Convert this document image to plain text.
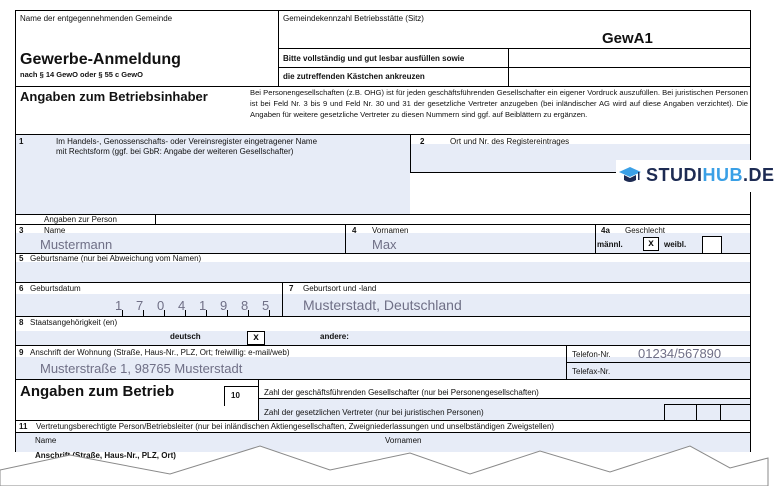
Name der entgegennehmenden Gemeinde	Gemeindekennzahl Betriebsstätte (Sitz)
GewA1
Gewerbe-Anmeldung
nach § 14 GewO oder § 55 c GewO
Bitte vollständig und gut lesbar ausfüllen sowie
die zutreffenden Kästchen ankreuzen
Angaben zum Betriebsinhaber	Bei Personengesellschaften (z.B. OHG) ist für jeden geschäftsführenden Gesellschafter ein eigener Vordruck auszufüllen. Bei juristischen Personen ist bei Feld Nr. 3 bis 9 und Feld Nr. 30 und 31 der gesetzliche Vertreter anzugeben (bei inländischer AG wird auf diese Angaben verzichtet). Die Angaben für weitere gesetzliche Vertreter zu diesen Nummern sind ggf. auf Beiblättern zu ergänzen.
1	Im Handels-, Genossenschafts- oder Vereinsregister eingetragener Name
mit Rechtsform (ggf. bei GbR: Angabe der weiteren Gesellschafter)
2	Ort und Nr. des Registereintrages
STUDIHUB.DE
Angaben zur Person
3	Name
Mustermann
4 Vornamen
Max
4a Geschlecht
männl.	x	weibl.
5 Geburtsname (nur bei Abweichung vom Namen)
6 Geburtsdatum
1 7 0 4 1 9 8 5
7 Geburtsort und -land
Musterstadt, Deutschland
8 Staatsangehörigkeit (en)
deutsch	x	andere:
9 Anschrift der Wohnung (Straße, Haus-Nr., PLZ, Ort; freiwillig: e-mail/web)
Musterstraße 1, 98765 Musterstadt
Telefon-Nr. 01234/567890
Telefax-Nr.
Angaben zum Betrieb	10	Zahl der geschäftsführenden Gesellschafter (nur bei Personengesellschaften)
Zahl der gesetzlichen Vertreter (nur bei juristischen Personen)
11 Vertretungsberechtigte Person/Betriebsleiter (nur bei inländischen Aktiengesellschaften, Zweigniederlassungen und unselbständigen Zweigstellen)
Name	Vornamen
Anschrift (Straße, Haus-Nr., PLZ, Ort)
